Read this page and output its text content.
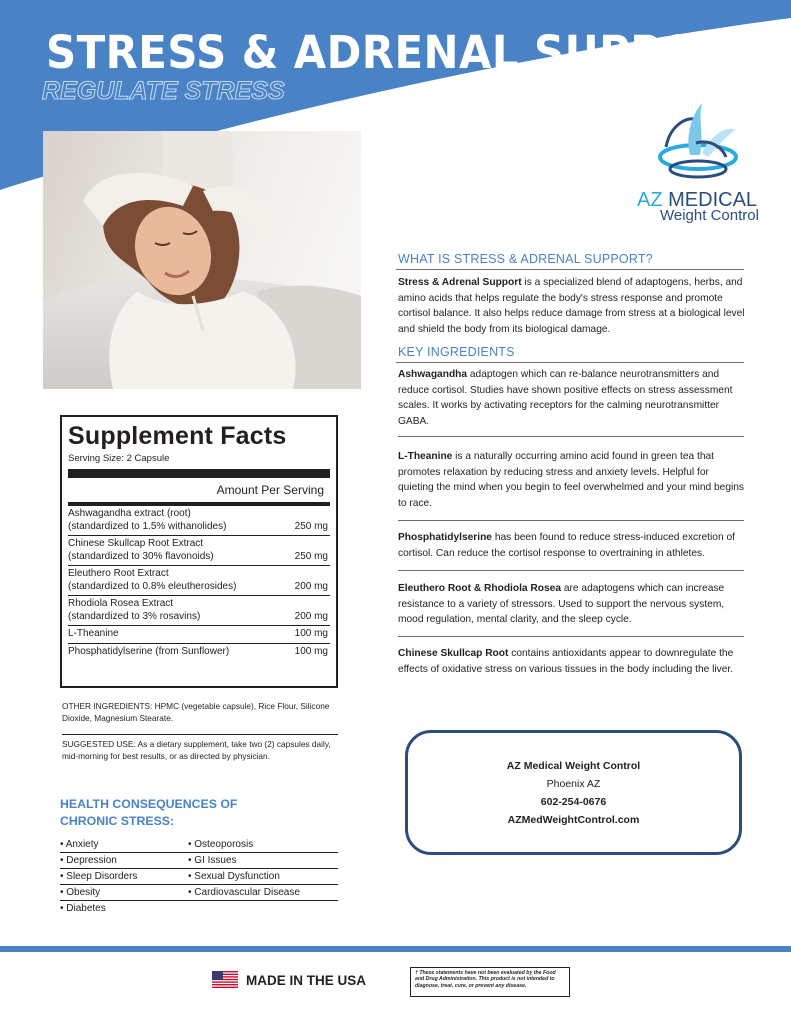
STRESS & ADRENAL SUPPORT
REGULATE STRESS
AZ MEDICAL
Weight Control
WHAT IS STRESS & ADRENAL SUPPORT?
Stress & Adrenal Support is a specialized blend of adaptogens, herbs, and amino acids that helps regulate the body's stress response and promote cortisol balance. It also helps reduce damage from stress at a biological level and shield the body from its biological damage.
KEY INGREDIENTS
Ashwagandha adaptogen which can re-balance neurotransmitters and reduce cortisol. Studies have shown positive effects on stress assessment scales. It works by activating receptors for the calming neurotransmitter GABA.
L-Theanine is a naturally occurring amino acid found in green tea that promotes relaxation by reducing stress and anxiety levels. Helpful for quieting the mind when you begin to feel overwhelmed and your mind begins to race.
Phosphatidylserine has been found to reduce stress-induced excretion of cortisol. Can reduce the cortisol response to overtraining in athletes.
Eleuthero Root & Rhodiola Rosea are adaptogens which can increase resistance to a variety of stressors. Used to support the nervous system, mood regulation, mental clarity, and the sleep cycle.
Chinese Skullcap Root contains antioxidants appear to downregulate the effects of oxidative stress on various tissues in the body including the liver.
Supplement Facts
Serving Size: 2 Capsule
Amount Per Serving
Ashwagandha extract (root)
(standardized to 1.5% withanolides)	250 mg
Chinese Skullcap Root Extract
(standardized to 30% flavonoids)	250 mg
Eleuthero Root Extract
(standardized to 0.8% eleutherosides)	200 mg
Rhodiola Rosea Extract
(standardized to 3% rosavins)	200 mg
L-Theanine	100 mg
Phosphatidylserine (from Sunflower)	100 mg
OTHER INGREDIENTS: HPMC (vegetable capsule), Rice Flour, Silicone Dioxide, Magnesium Stearate.
SUGGESTED USE: As a dietary supplement, take two (2) capsules daily, mid-morning for best results, or as directed by physician.
HEALTH CONSEQUENCES OF
CHRONIC STRESS:
• Anxiety	• Osteoporosis
• Depression	• GI Issues
• Sleep Disorders	• Sexual Dysfunction
• Obesity	• Cardiovascular Disease
• Diabetes
AZ Medical Weight Control
Phoenix AZ
602-254-0676
AZMedWeightControl.com
MADE IN THE USA	† These statements have not been evaluated by the Food and Drug Administration. This product is not intended to diagnose, treat, cure, or prevent any disease.
